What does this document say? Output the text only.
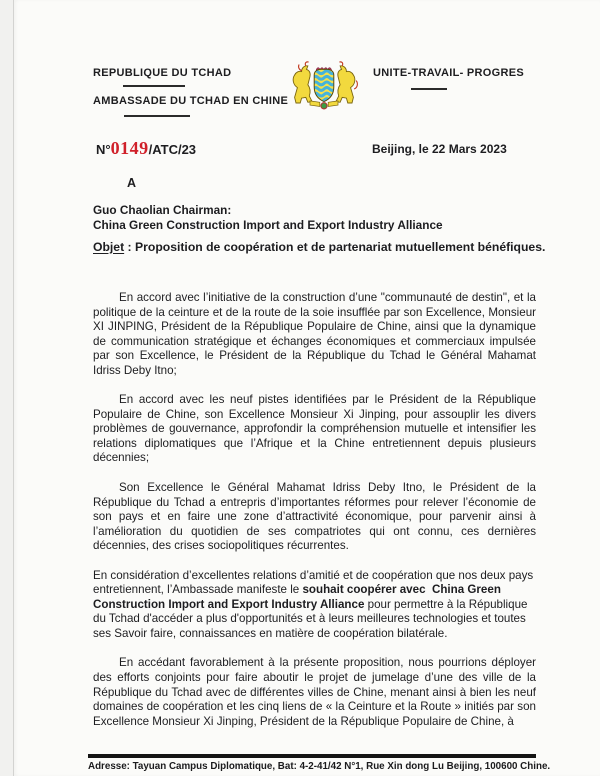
REPUBLIQUE DU TCHAD
AMBASSADE DU TCHAD EN CHINE
UNITE-TRAVAIL- PROGRES
N°0149/ATC/23	Beijing, le 22 Mars 2023
A
Guo Chaolian Chairman:
China Green Construction Import and Export Industry Alliance
Objet : Proposition de coopération et de partenariat mutuellement bénéfiques.

En accord avec l’initiative de la construction d’une "communauté de destin", et la politique de la ceinture et de la route de la soie insufflée par son Excellence, Monsieur XI JINPING, Président de la République Populaire de Chine, ainsi que la dynamique de communication stratégique et échanges économiques et commerciaux impulsée par son Excellence, le Président de la République du Tchad le Général Mahamat Idriss Deby Itno;

En accord avec les neuf pistes identifiées par le Président de la République Populaire de Chine, son Excellence Monsieur Xi Jinping, pour assouplir les divers problèmes de gouvernance, approfondir la compréhension mutuelle et intensifier les relations diplomatiques que l’Afrique et la Chine entretiennent depuis plusieurs décennies;

Son Excellence le Général Mahamat Idriss Deby Itno, le Président de la République du Tchad a entrepris d’importantes réformes pour relever l’économie de son pays et en faire une zone d’attractivité économique, pour parvenir ainsi à l’amélioration du quotidien de ses compatriotes qui ont connu, ces dernières décennies, des crises sociopolitiques récurrentes.

En considération d’excellentes relations d’amitié et de coopération que nos deux pays entretiennent, l’Ambassade manifeste le souhait coopérer avec  China Green Construction Import and Export Industry Alliance pour permettre à la République du Tchad d'accéder a plus d'opportunités et à leurs meilleures technologies et toutes ses Savoir faire, connaissances en matière de coopération bilatérale.

En accédant favorablement à la présente proposition, nous pourrions déployer des efforts conjoints pour faire aboutir le projet de jumelage d’une des ville de la République du Tchad avec de différentes villes de Chine, menant ainsi à bien les neuf domaines de coopération et les cinq liens de « la Ceinture et la Route » initiés par son Excellence Monsieur Xi Jinping, Président de la République Populaire de Chine, à

Adresse: Tayuan Campus Diplomatique, Bat: 4-2-41/42 N°1, Rue Xin dong Lu Beijing, 100600 Chine.
